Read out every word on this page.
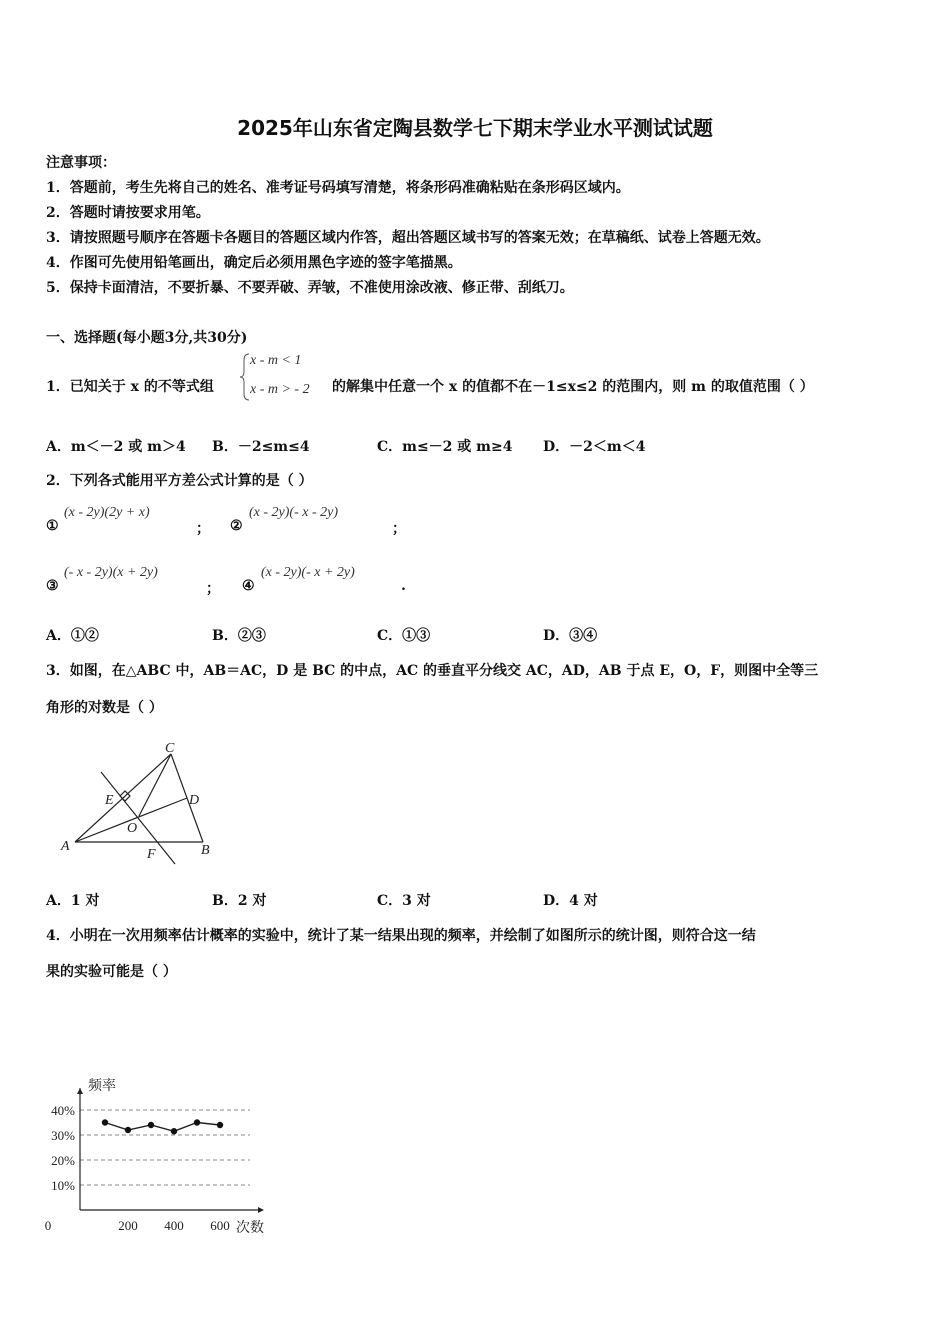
2025年山东省定陶县数学七下期末学业水平测试试题
注意事项：
1．答题前，考生先将自己的姓名、准考证号码填写清楚，将条形码准确粘贴在条形码区域内。
2．答题时请按要求用笔。
3．请按照题号顺序在答题卡各题目的答题区域内作答，超出答题区域书写的答案无效；在草稿纸、试卷上答题无效。
4．作图可先使用铅笔画出，确定后必须用黑色字迹的签字笔描黑。
5．保持卡面清洁，不要折暴、不要弄破、弄皱，不准使用涂改液、修正带、刮纸刀。
一、选择题(每小题3分,共30分)
1．已知关于 x 的不等式组
x - m < 1
x - m > - 2 的解集中任意一个 x 的值都不在－1≤x≤2 的范围内，则 m 的取值范围（ ）
A．m＜－2 或 m＞4 B．－2≤m≤4	C．m≤－2 或 m≥4 D．－2＜m＜4
2．下列各式能用平方差公式计算的是（ ）
①
(x - 2y)(2y + x)
； ②
(x - 2y)(- x - 2y)
；
③
(- x - 2y)(x + 2y)
； ④
(x - 2y)(- x + 2y)
.
A．①②	B．②③	C．①③	D．③④
3．如图，在△ABC 中，AB＝AC，D 是 BC 的中点，AC 的垂直平分线交 AC，AD，AB 于点 E，O，F，则图中全等三
角形的对数是（ ）
C
D
E
O
A
F	B
A．1 对	B．2 对	C．3 对	D．4 对
4．小明在一次用频率估计概率的实验中，统计了某一结果出现的频率，并绘制了如图所示的统计图，则符合这一结
果的实验可能是（ ）
10%
20%
30%
40%
0	200 400 600
频率
次数
